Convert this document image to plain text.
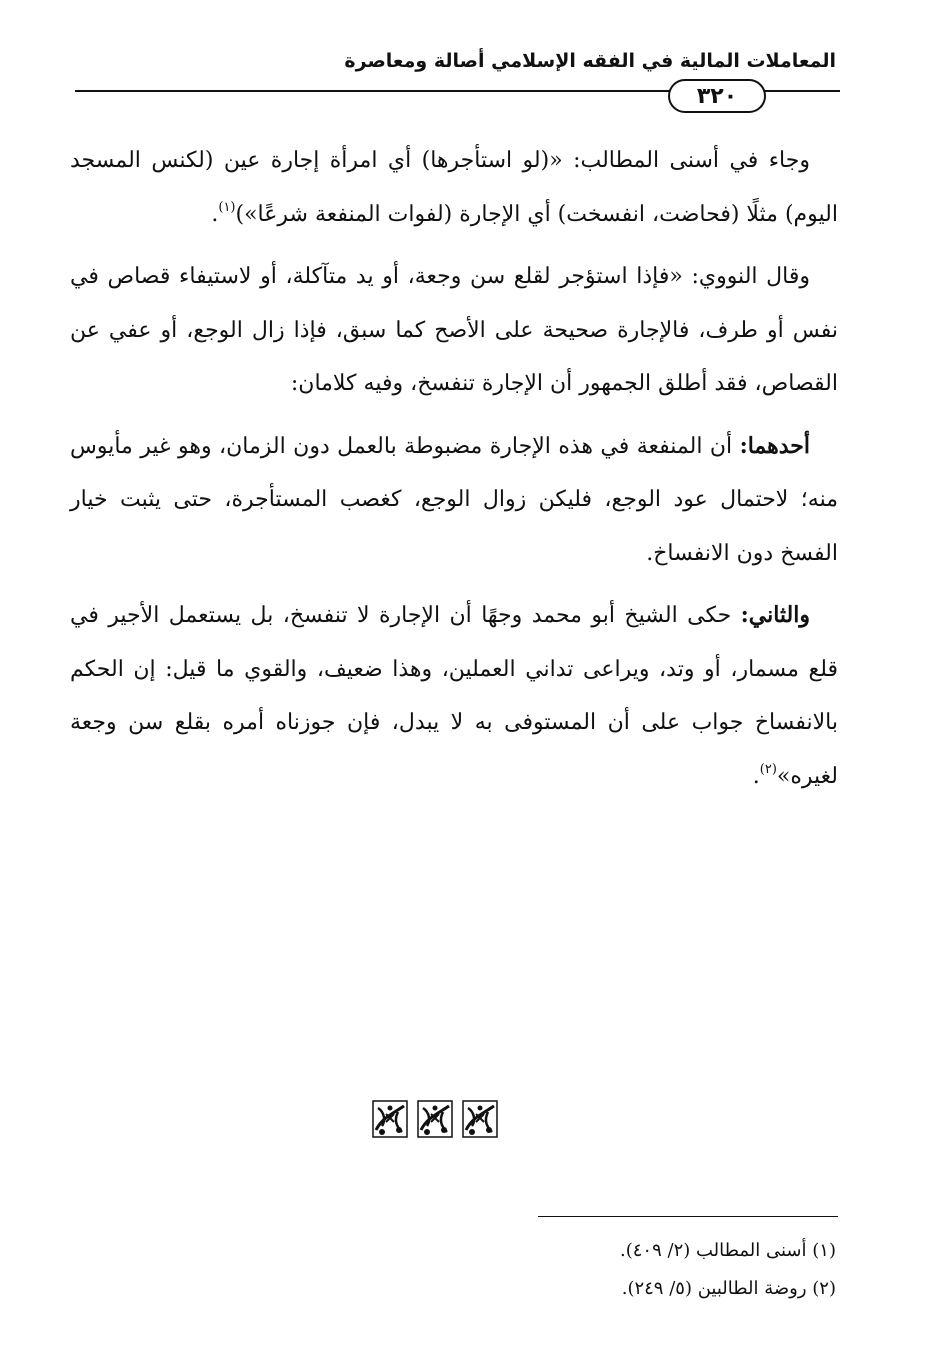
المعاملات المالية في الفقه الإسلامي أصالة ومعاصرة
٣٢٠

وجاء في أسنى المطالب: «(لو استأجرها) أي امرأة إجارة عين (لكنس المسجد اليوم) مثلًا (فحاضت، انفسخت) أي الإجارة (لفوات المنفعة شرعًا»)$^{(١)}$.

وقال النووي: «فإذا استؤجر لقلع سن وجعة، أو يد متآكلة، أو لاستيفاء قصاص في نفس أو طرف، فالإجارة صحيحة على الأصح كما سبق، فإذا زال الوجع، أو عفي عن القصاص، فقد أطلق الجمهور أن الإجارة تنفسخ، وفيه كلامان:

أحدهما: أن المنفعة في هذه الإجارة مضبوطة بالعمل دون الزمان، وهو غير مأيوس منه؛ لاحتمال عود الوجع، فليكن زوال الوجع، كغصب المستأجرة، حتى يثبت خيار الفسخ دون الانفساخ.

والثاني: حكى الشيخ أبو محمد وجهًا أن الإجارة لا تنفسخ، بل يستعمل الأجير في قلع مسمار، أو وتد، ويراعى تداني العملين، وهذا ضعيف، والقوي ما قيل: إن الحكم بالانفساخ جواب على أن المستوفى به لا يبدل، فإن جوزناه أمره بقلع سن وجعة لغيره»$^{(٢)}$.

(١) أسنى المطالب (٢/ ٤٠٩).
(٢) روضة الطالبين (٥/ ٢٤٩).
